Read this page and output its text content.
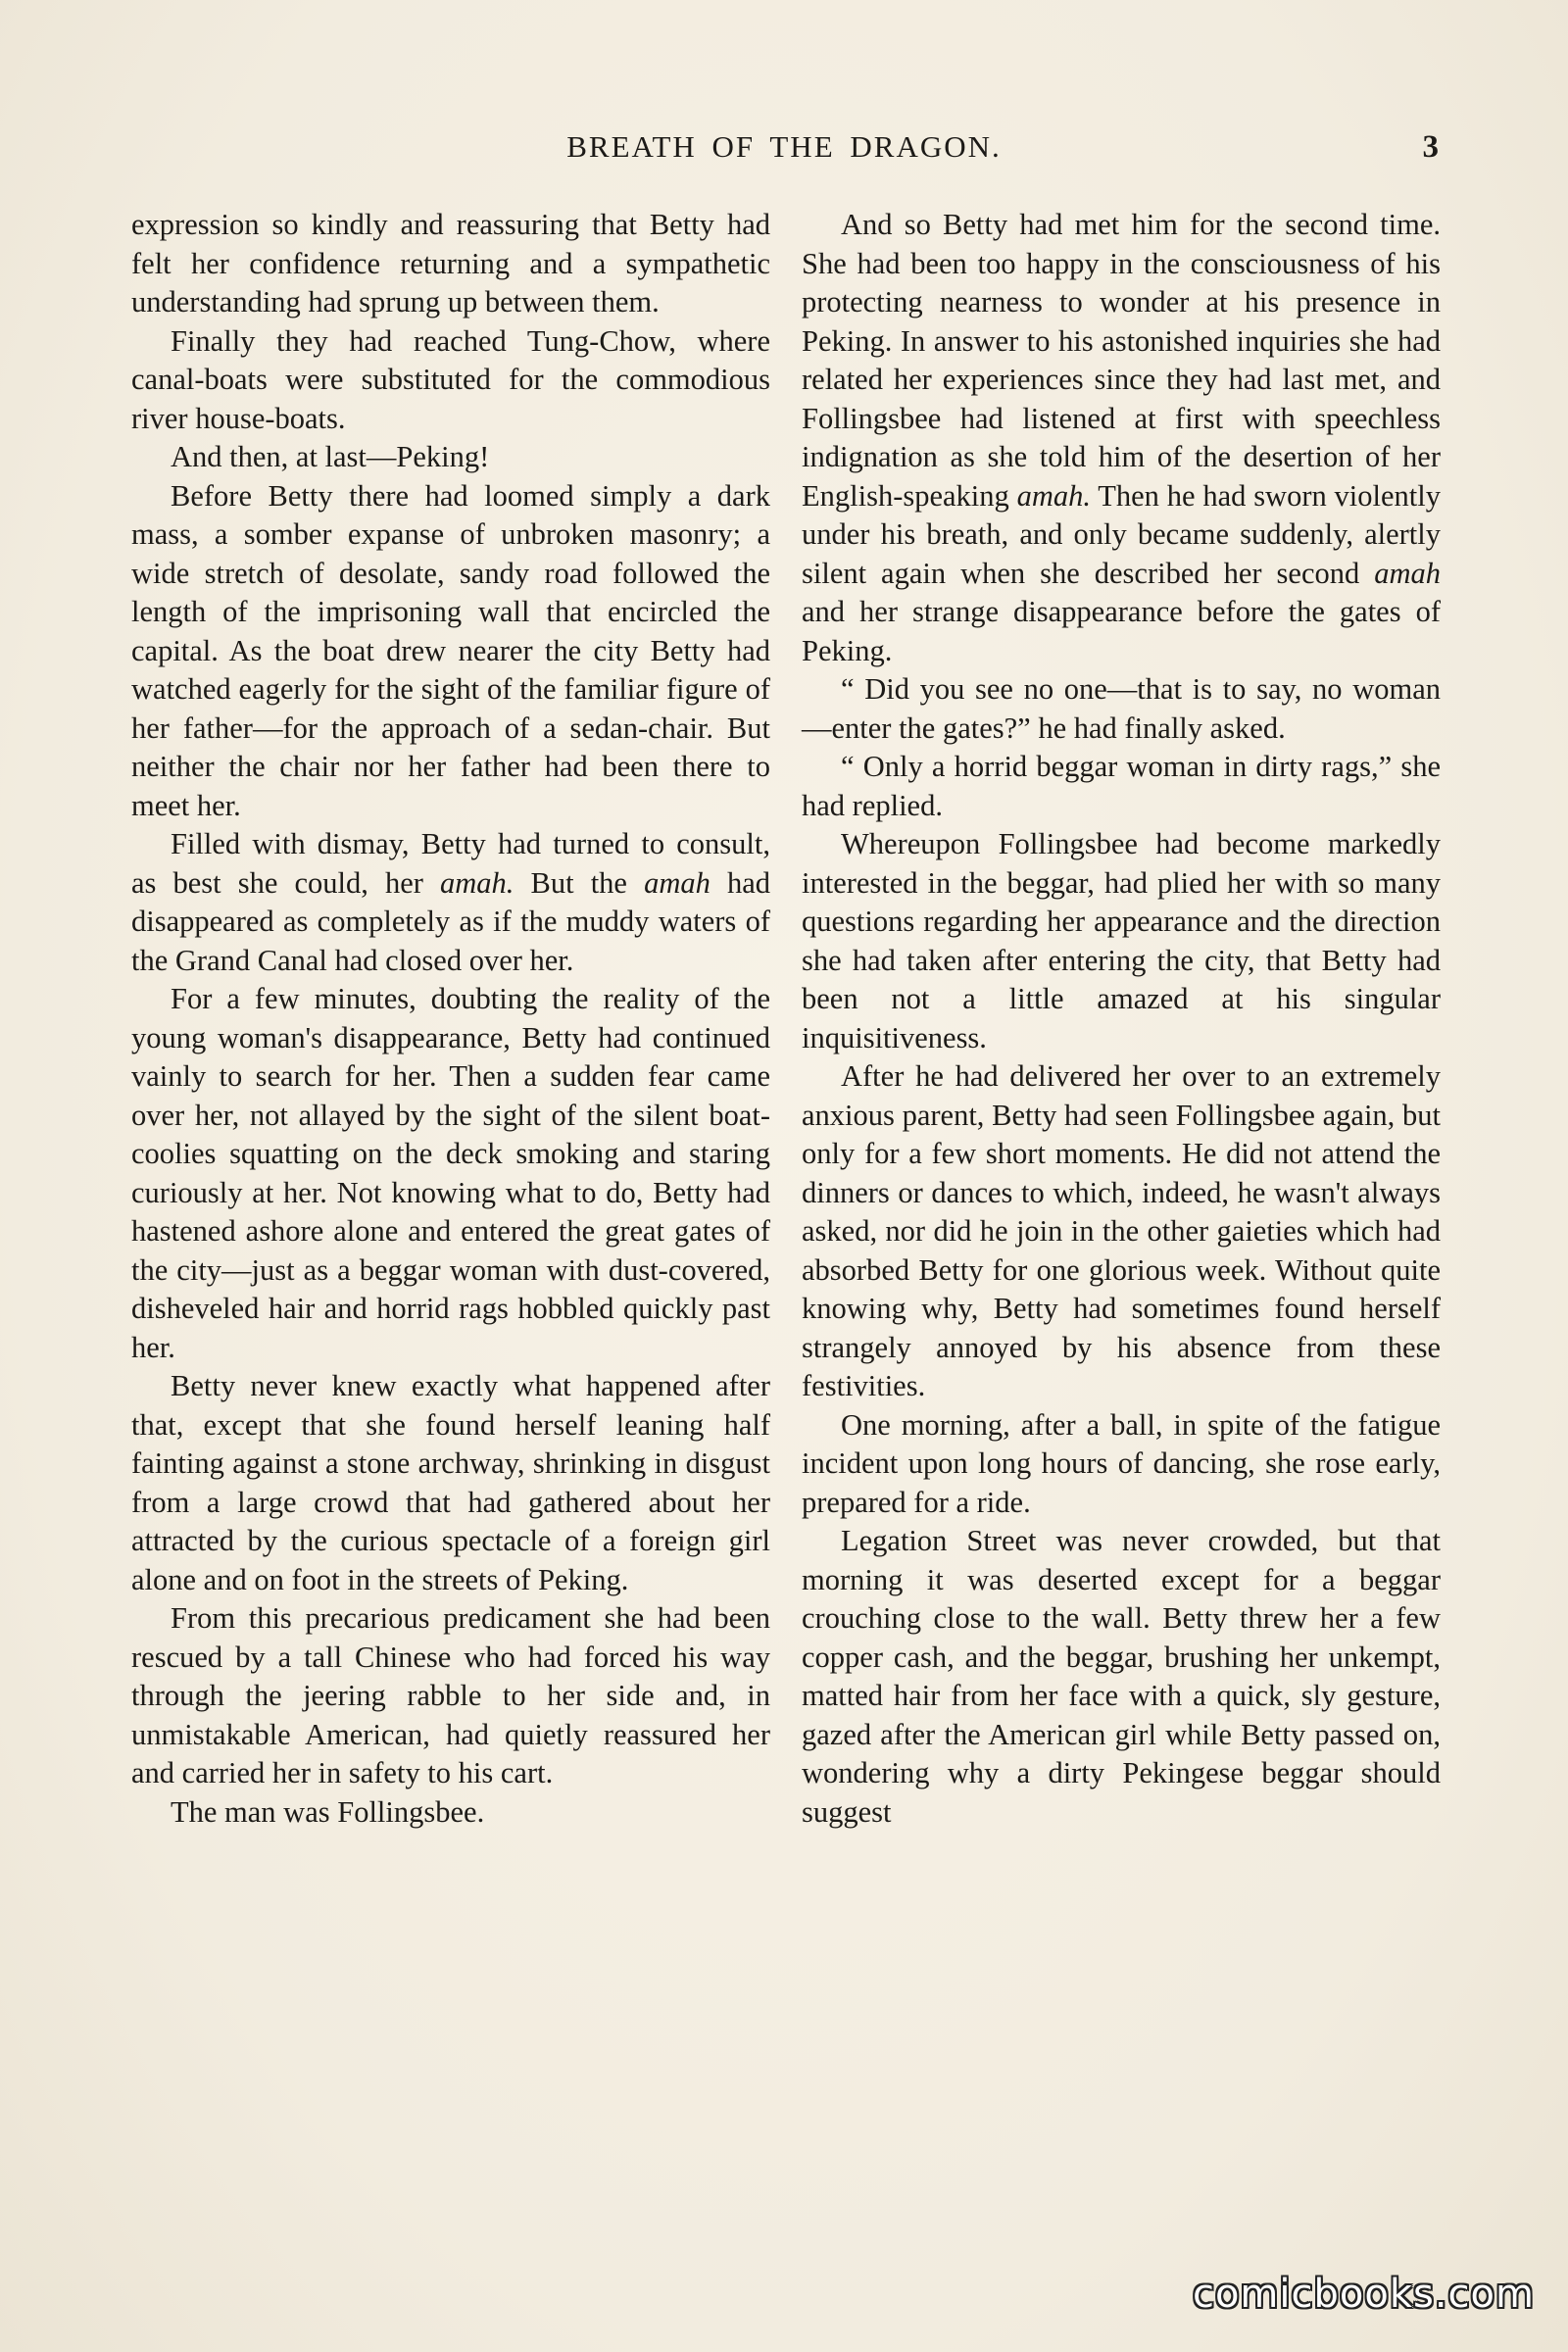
BREATH OF THE DRAGON.	3

expression so kindly and reassuring that Betty had felt her confidence returning and a sympathetic understanding had sprung up between them.

Finally they had reached Tung-Chow, where canal-boats were substituted for the commodious river house-boats.

And then, at last—Peking!

Before Betty there had loomed simply a dark mass, a somber expanse of unbroken masonry; a wide stretch of desolate, sandy road followed the length of the imprisoning wall that encircled the capital. As the boat drew nearer the city Betty had watched eagerly for the sight of the familiar figure of her father—for the approach of a sedan-chair. But neither the chair nor her father had been there to meet her.

Filled with dismay, Betty had turned to consult, as best she could, her amah. But the amah had disappeared as completely as if the muddy waters of the Grand Canal had closed over her.

For a few minutes, doubting the reality of the young woman's disappearance, Betty had continued vainly to search for her. Then a sudden fear came over her, not allayed by the sight of the silent boat-coolies squatting on the deck smoking and staring curiously at her. Not knowing what to do, Betty had hastened ashore alone and entered the great gates of the city—just as a beggar woman with dust-covered, disheveled hair and horrid rags hobbled quickly past her.

Betty never knew exactly what happened after that, except that she found herself leaning half fainting against a stone archway, shrinking in disgust from a large crowd that had gathered about her attracted by the curious spectacle of a foreign girl alone and on foot in the streets of Peking.

From this precarious predicament she had been rescued by a tall Chinese who had forced his way through the jeering rabble to her side and, in unmistakable American, had quietly reassured her and carried her in safety to his cart.

The man was Follingsbee.

And so Betty had met him for the second time. She had been too happy in the consciousness of his protecting nearness to wonder at his presence in Peking. In answer to his astonished inquiries she had related her experiences since they had last met, and Follingsbee had listened at first with speechless indignation as she told him of the desertion of her English-speaking amah. Then he had sworn violently under his breath, and only became suddenly, alertly silent again when she described her second amah and her strange disappearance before the gates of Peking.

“ Did you see no one—that is to say, no woman—enter the gates?” he had finally asked.

“ Only a horrid beggar woman in dirty rags,” she had replied.

Whereupon Follingsbee had become markedly interested in the beggar, had plied her with so many questions regarding her appearance and the direction she had taken after entering the city, that Betty had been not a little amazed at his singular inquisitiveness.

After he had delivered her over to an extremely anxious parent, Betty had seen Follingsbee again, but only for a few short moments. He did not attend the dinners or dances to which, indeed, he wasn't always asked, nor did he join in the other gaieties which had absorbed Betty for one glorious week. Without quite knowing why, Betty had sometimes found herself strangely annoyed by his absence from these festivities.

One morning, after a ball, in spite of the fatigue incident upon long hours of dancing, she rose early, prepared for a ride.

Legation Street was never crowded, but that morning it was deserted except for a beggar crouching close to the wall. Betty threw her a few copper cash, and the beggar, brushing her unkempt, matted hair from her face with a quick, sly gesture, gazed after the American girl while Betty passed on, wondering why a dirty Pekingese beggar should suggest

comicbooks.com
